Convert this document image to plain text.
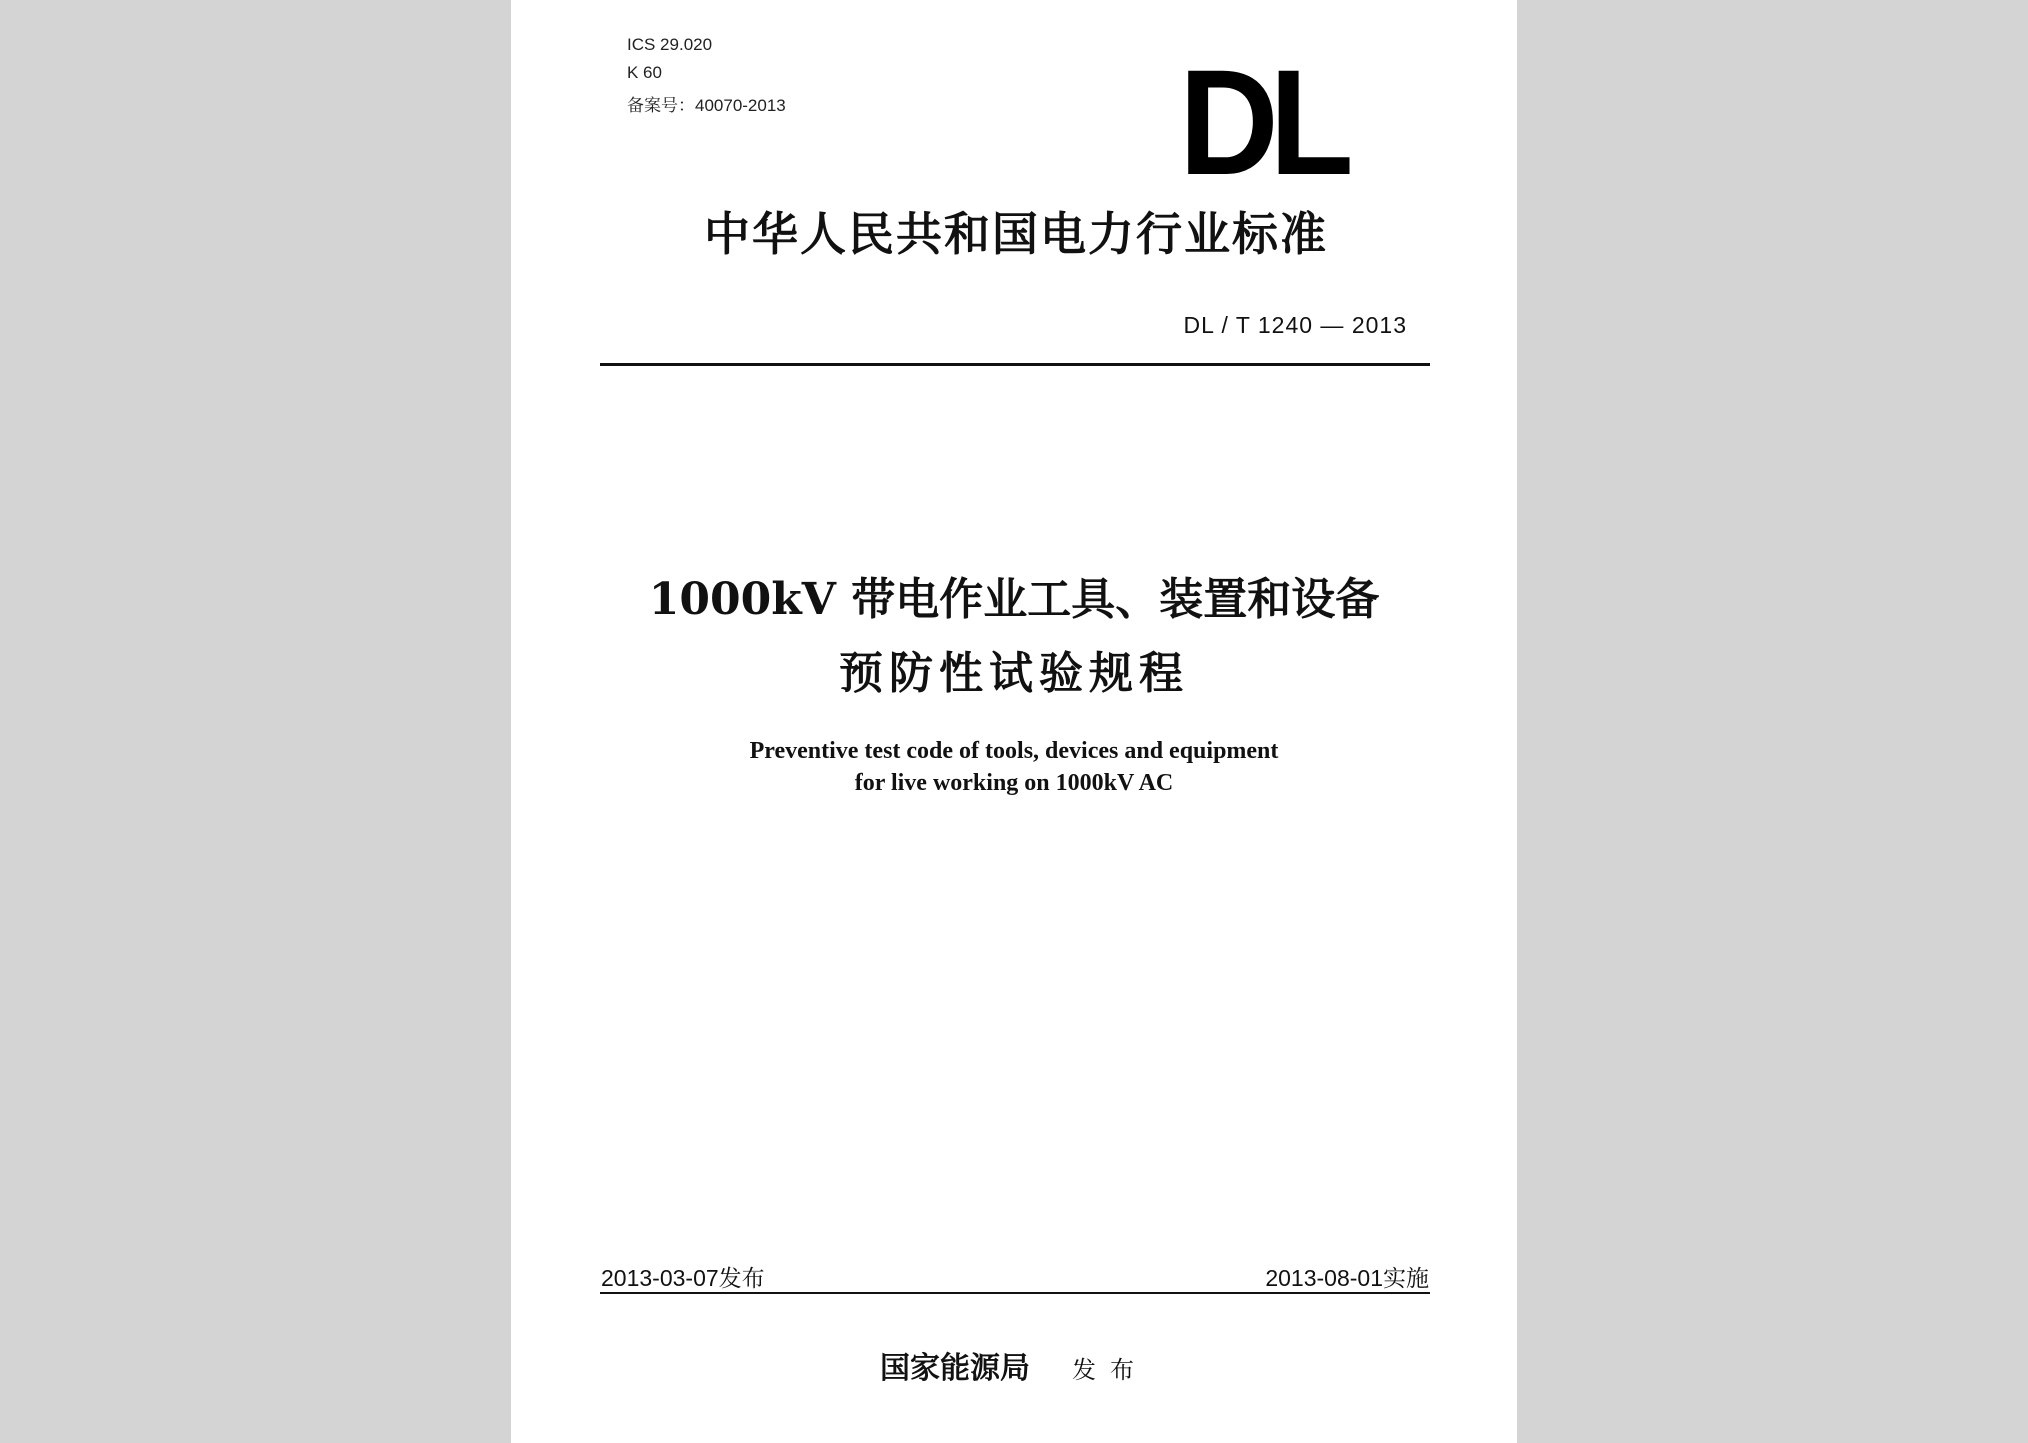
ICS 29.020
K 60
备案号：40070-2013	DL
中华人民共和国电力行业标准
DL / T 1240 — 2013
1000kV 带电作业工具、装置和设备
预防性试验规程
Preventive test code of tools, devices and equipment
for live working on 1000kV AC
2013-03-07发布	2013-08-01实施
国家能源局 发布
